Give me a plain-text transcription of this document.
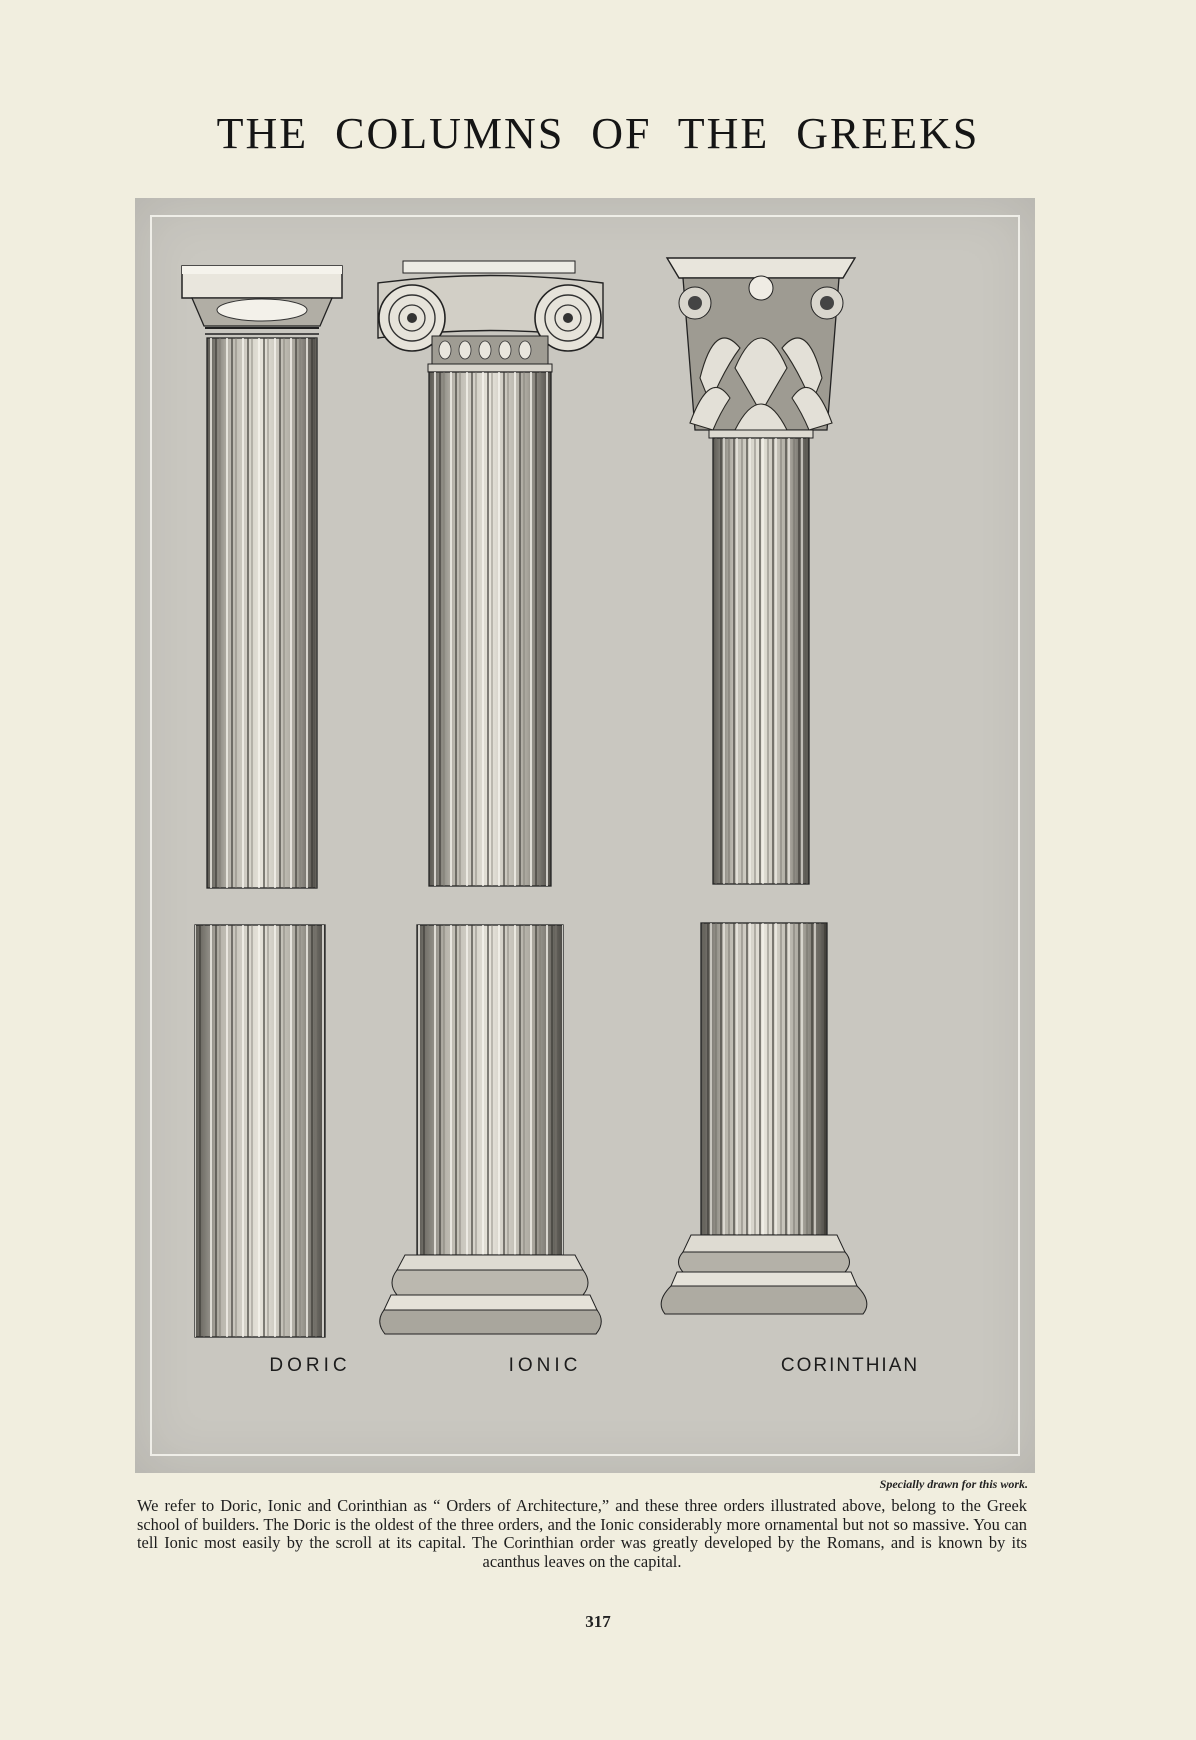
THE COLUMNS OF THE GREEKS
DORIC	IONIC	CORINTHIAN
Specially drawn for this work.
We refer to Doric, Ionic and Corinthian as “ Orders of Architecture,” and these three orders illustrated above, belong to the Greek school of builders. The Doric is the oldest of the three orders, and the Ionic considerably more ornamental but not so massive. You can tell Ionic most easily by the scroll at its capital. The Corinthian order was greatly developed by the Romans, and is known by its acanthus leaves on the capital.
317
